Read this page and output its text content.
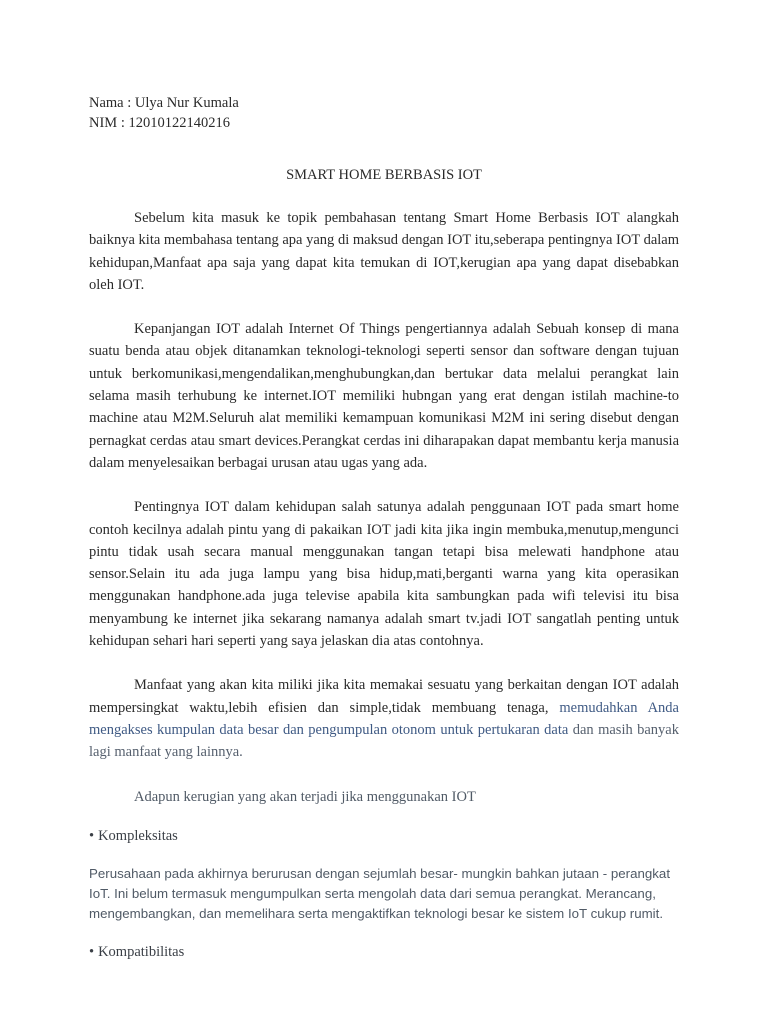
Nama : Ulya Nur Kumala

NIM : 12010122140216

SMART HOME BERBASIS IOT

Sebelum kita masuk ke topik pembahasan tentang Smart Home Berbasis IOT alangkah baiknya kita membahasa tentang apa yang di maksud dengan IOT itu,seberapa pentingnya IOT dalam kehidupan,Manfaat apa saja yang dapat kita temukan di IOT,kerugian apa yang dapat disebabkan oleh IOT.

Kepanjangan IOT adalah Internet Of Things pengertiannya adalah Sebuah konsep di mana suatu benda atau objek ditanamkan teknologi-teknologi seperti sensor dan software dengan tujuan untuk berkomunikasi,mengendalikan,menghubungkan,dan bertukar data melalui perangkat lain selama masih terhubung ke internet.IOT memiliki hubngan yang erat dengan istilah machine-to machine atau M2M.Seluruh alat memiliki kemampuan komunikasi M2M ini sering disebut dengan pernagkat cerdas atau smart devices.Perangkat cerdas ini diharapakan dapat membantu kerja manusia dalam menyelesaikan berbagai urusan atau ugas yang ada.

Pentingnya IOT dalam kehidupan salah satunya adalah penggunaan IOT pada smart home contoh kecilnya adalah pintu yang di pakaikan IOT jadi kita jika ingin membuka,menutup,mengunci pintu tidak usah secara manual menggunakan tangan tetapi bisa melewati handphone atau sensor.Selain itu ada juga lampu yang bisa hidup,mati,berganti warna yang kita operasikan menggunakan handphone.ada juga televise apabila kita sambungkan pada wifi televisi itu bisa menyambung ke internet jika sekarang namanya adalah smart tv.jadi IOT sangatlah penting untuk kehidupan sehari hari seperti yang saya jelaskan dia atas contohnya.

Manfaat yang akan kita miliki jika kita memakai sesuatu yang berkaitan dengan IOT adalah mempersingkat waktu,lebih efisien dan simple,tidak membuang tenaga, memudahkan Anda mengakses kumpulan data besar dan pengumpulan otonom untuk pertukaran data dan masih banyak lagi manfaat yang lainnya.

Adapun kerugian yang akan terjadi jika menggunakan IOT

• Kompleksitas

Perusahaan pada akhirnya berurusan dengan sejumlah besar- mungkin bahkan jutaan - perangkat IoT. Ini belum termasuk mengumpulkan serta mengolah data dari semua perangkat. Merancang, mengembangkan, dan memelihara serta mengaktifkan teknologi besar ke sistem IoT cukup rumit.

• Kompatibilitas
